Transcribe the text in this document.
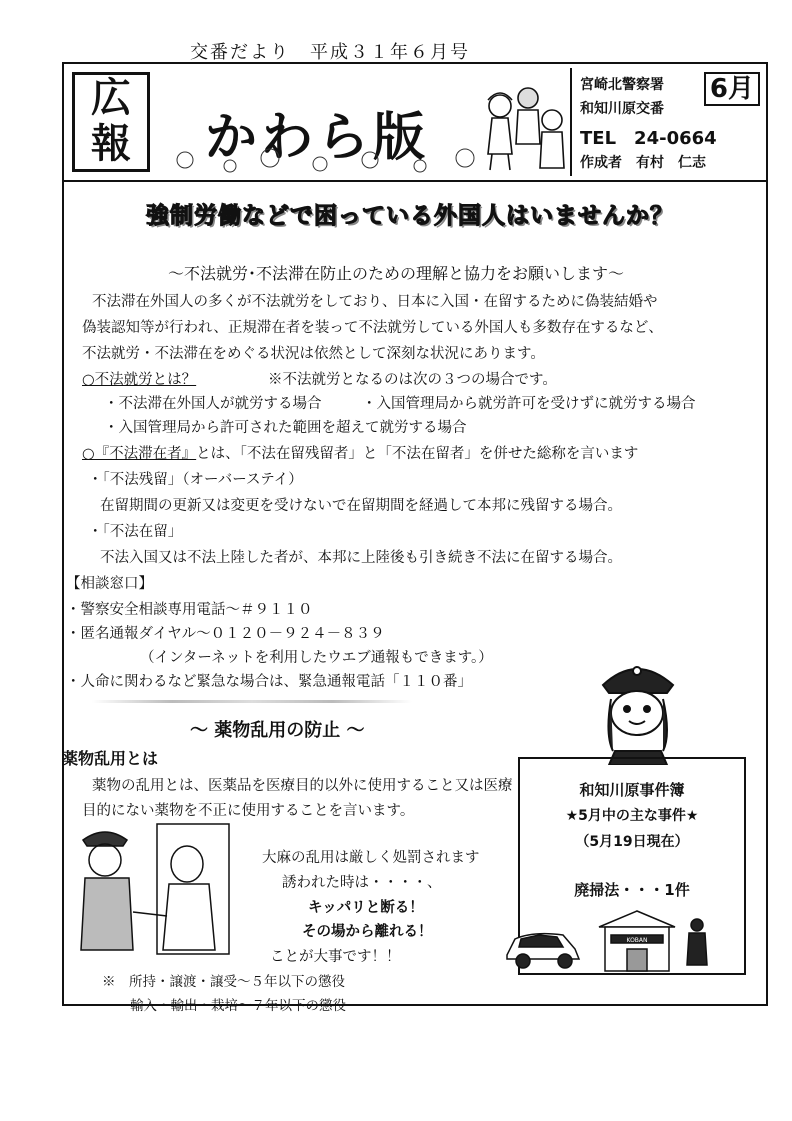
交番だより　平成３１年６月号
広
報	かわら版
宮崎北警察署
和知川原交番
6月
TEL　24-0664
作成者　有村　仁志
強制労働などで困っている外国人はいませんか？
～不法就労･不法滞在防止のための理解と協力をお願いします～
不法滞在外国人の多くが不法就労をしており、日本に入国・在留するために偽装結婚や
偽装認知等が行われ、正規滞在者を装って不法就労している外国人も多数存在するなど、
不法就労・不法滞在をめぐる状況は依然として深刻な状況にあります。
○不法就労とは？	※不法就労となるのは次の３つの場合です。
・不法滞在外国人が就労する場合	・入国管理局から就労許可を受けずに就労する場合
・入国管理局から許可された範囲を超えて就労する場合
○『不法滞在者』とは、「不法在留残留者」と「不法在留者」を併せた総称を言います
・「不法残留」（オーバーステイ）
在留期間の更新又は変更を受けないで在留期間を経過して本邦に残留する場合。
・「不法在留」
不法入国又は不法上陸した者が、本邦に上陸後も引き続き不法に在留する場合。
【相談窓口】
・警察安全相談専用電話～＃９１１０
・匿名通報ダイヤル～０１２０－９２４－８３９
（インターネットを利用したウエブ通報もできます。）
・人命に関わるなど緊急な場合は、緊急通報電話「１１０番」
～ 薬物乱用の防止 ～
薬物乱用とは
薬物の乱用とは、医薬品を医療目的以外に使用すること又は医療
目的にない薬物を不正に使用することを言います。
大麻の乱用は厳しく処罰されます
誘われた時は・・・・、
キッパリと断る！
その場から離れる！
ことが大事です！！
※　所持・譲渡・譲受～５年以下の懲役
輸入・輸出・栽培～７年以下の懲役
和知川原事件簿
★5月中の主な事件★
（5月19日現在）
廃掃法・・・1件
KOBAN
